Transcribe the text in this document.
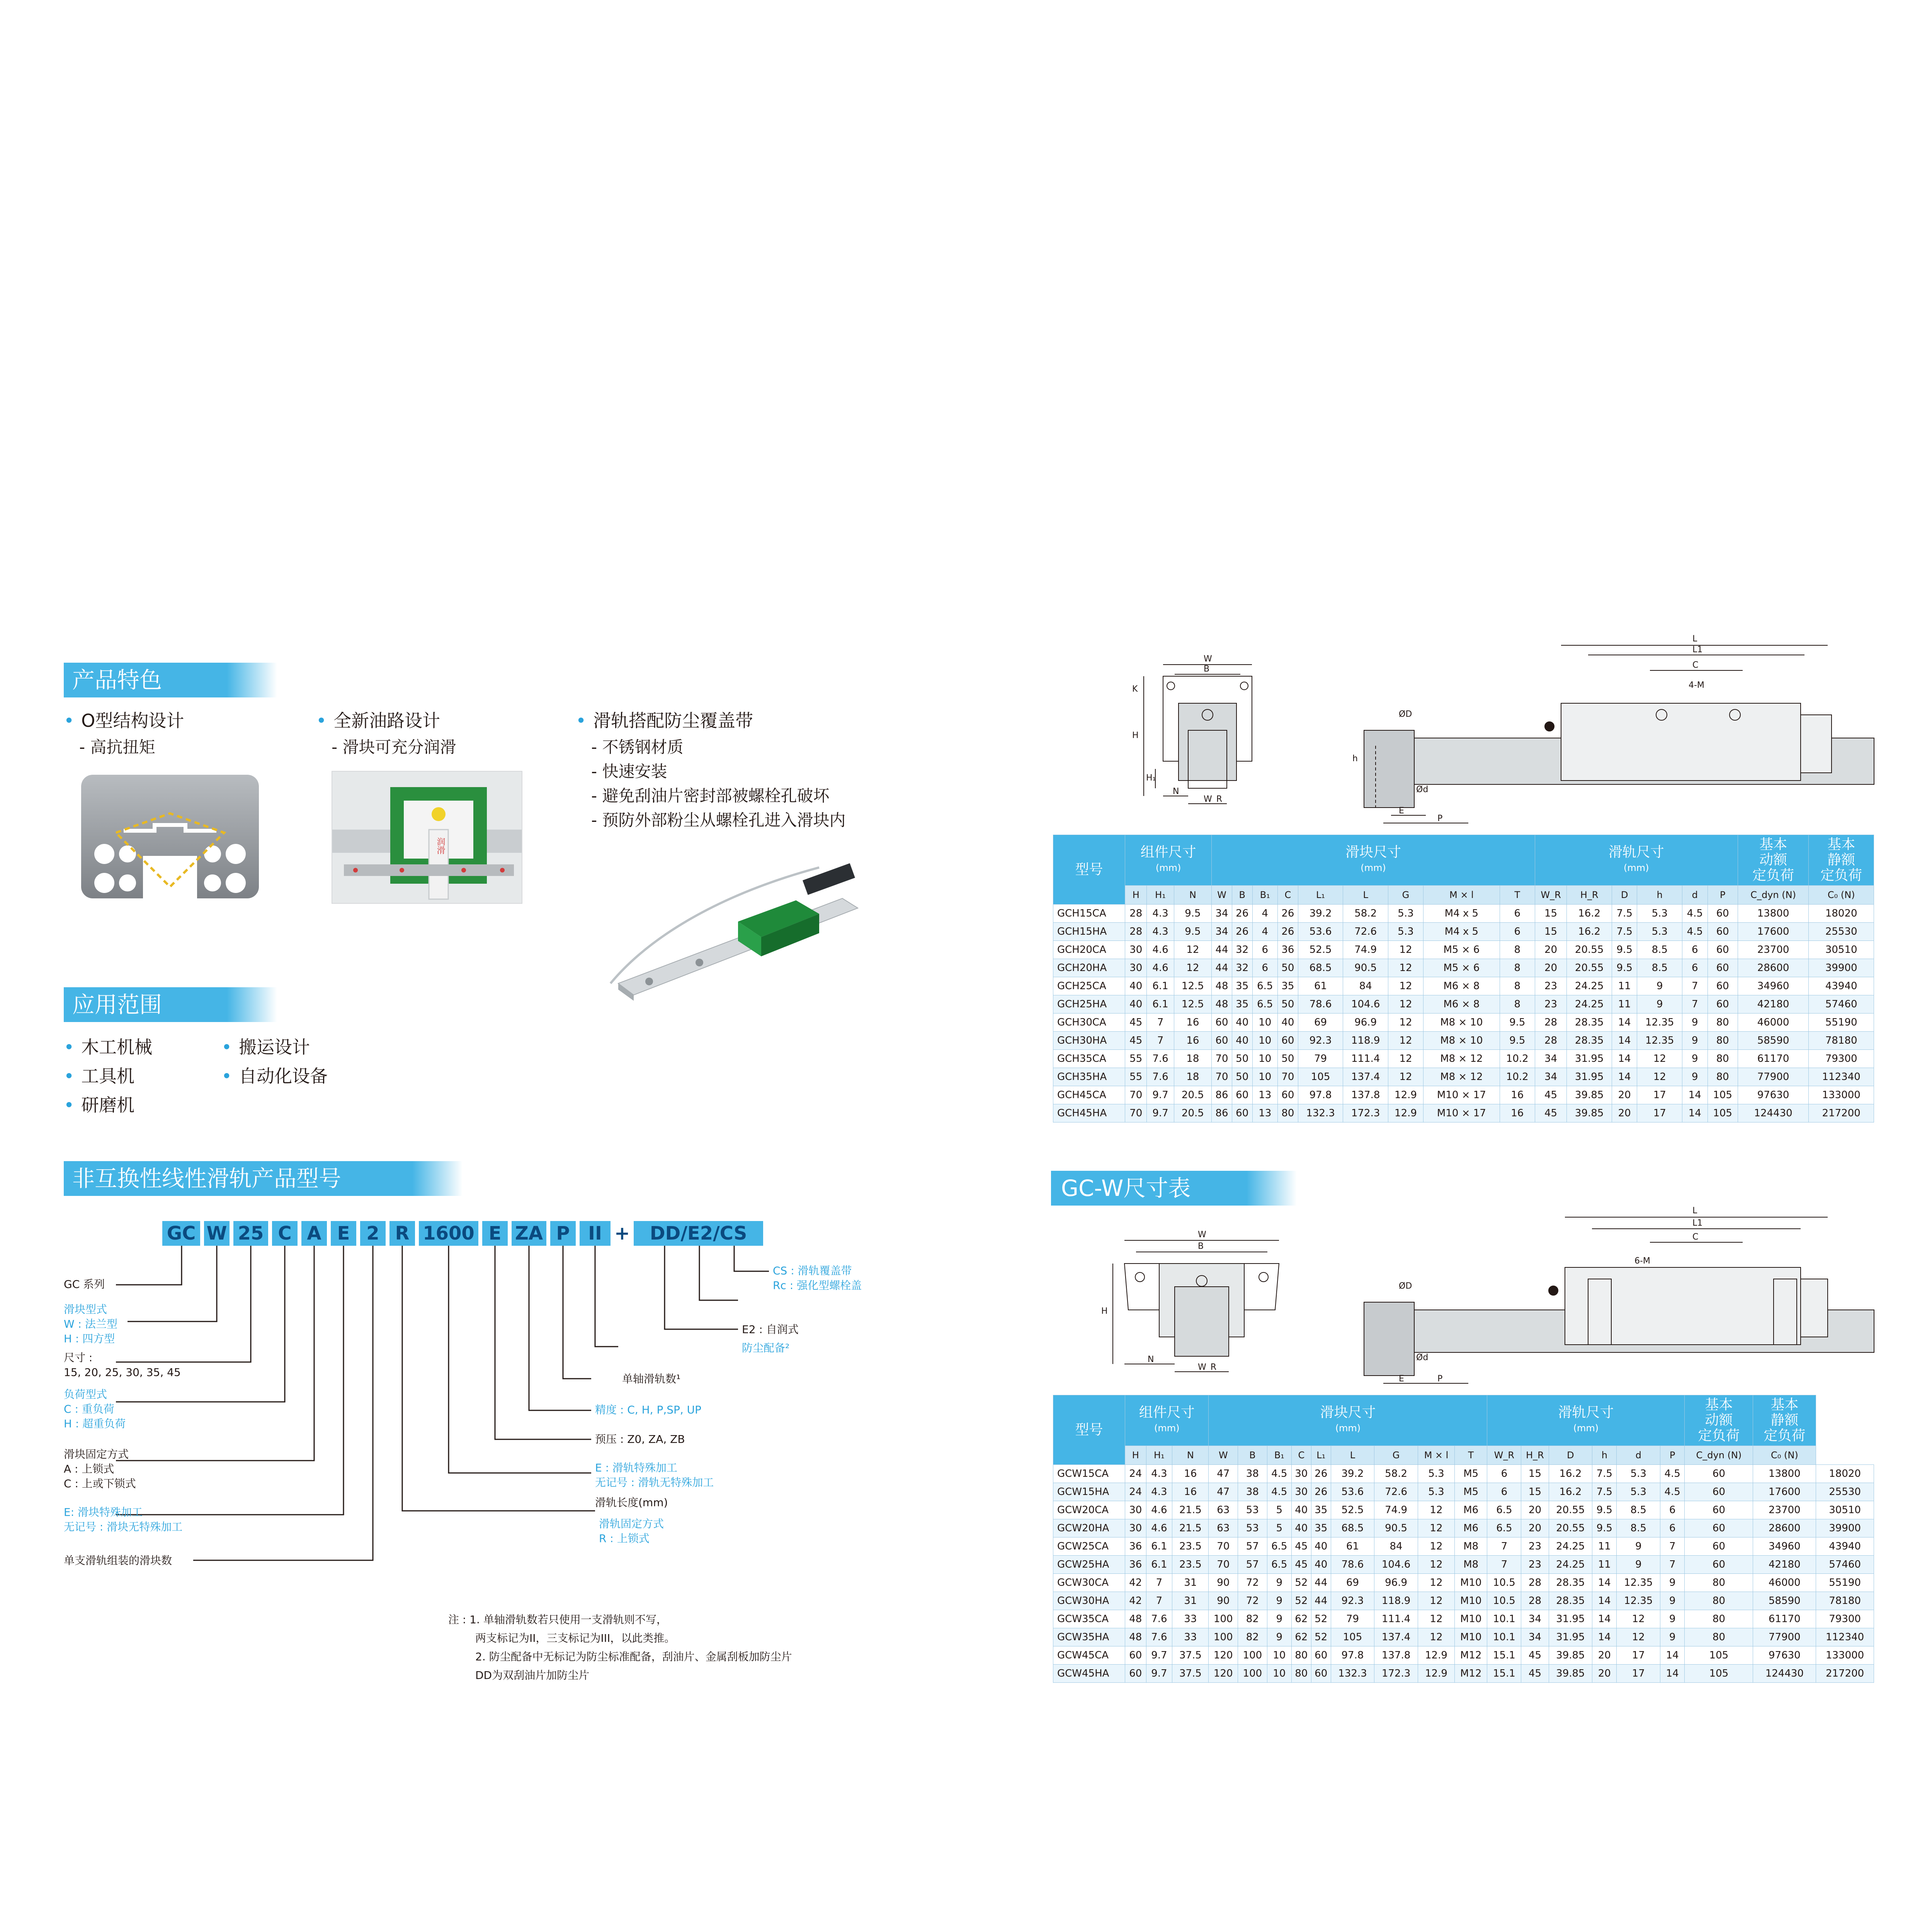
产品特色
• O型结构设计
- 高抗扭矩
• 全新油路设计
- 滑块可充分润滑
• 滑轨搭配防尘覆盖带
- 不锈钢材质
- 快速安装
- 避免刮油片密封部被螺栓孔破坏
- 预防外部粉尘从螺栓孔进入滑块内
润滑
应用范围
• 木工机械
• 工具机
• 研磨机
• 搬运设计
• 自动化设备
非互换性线性滑轨产品型号
GC W 25 C A E 2 R 1600 E ZA P II +	DD/E2/CS
GC 系列
滑块型式
W : 法兰型
H : 四方型
尺寸 :
15, 20, 25, 30, 35, 45
负荷型式
C : 重负荷
H : 超重负荷
滑块固定方式
A : 上锁式
C : 上或下锁式
E: 滑块特殊加工
无记号 : 滑块无特殊加工
单支滑轨组装的滑块数
CS : 滑轨覆盖带
Rc : 强化型螺栓盖
E2 : 自润式
防尘配备²
单轴滑轨数¹
精度 : C, H, P,SP, UP
预压 : Z0, ZA, ZB
E : 滑轨特殊加工
无记号 : 滑轨无特殊加工
滑轨长度(mm)
滑轨固定方式
R : 上锁式
注 : 1. 单轴滑轨数若只使用一支滑轨则不写，
两支标记为II，三支标记为III，以此类推。
2. 防尘配备中无标记为防尘标准配备，刮油片、金属刮板加防尘片
DD为双刮油片加防尘片
W
B
H
H₁
N
W_R
K
L
L1
C
4-M
ØD
h
Ød
E
P
型号	组件尺寸
(mm)			滑块尺寸
(mm)									滑轨尺寸
(mm)						基本
动额
定负荷	基本
静额
定负荷
	H	H₁	N	W	B	B₁	C	L₁	L	G	M × l	T	W_R	H_R	D	h	d	P	C_dyn (N)	C₀ (N)
GCH15CA	28	4.3	9.5	34	26	4	26	39.2	58.2	5.3	M4 x 5	6	15	16.2	7.5	5.3	4.5	60	13800	18020
GCH15HA	28	4.3	9.5	34	26	4	26	53.6	72.6	5.3	M4 x 5	6	15	16.2	7.5	5.3	4.5	60	17600	25530
GCH20CA	30	4.6	12	44	32	6	36	52.5	74.9	12	M5 × 6	8	20	20.55	9.5	8.5	6	60	23700	30510
GCH20HA	30	4.6	12	44	32	6	50	68.5	90.5	12	M5 × 6	8	20	20.55	9.5	8.5	6	60	28600	39900
GCH25CA	40	6.1	12.5	48	35	6.5	35	61	84	12	M6 × 8	8	23	24.25	11	9	7	60	34960	43940
GCH25HA	40	6.1	12.5	48	35	6.5	50	78.6	104.6	12	M6 × 8	8	23	24.25	11	9	7	60	42180	57460
GCH30CA	45	7	16	60	40	10	40	69	96.9	12	M8 × 10	9.5	28	28.35	14	12.35	9	80	46000	55190
GCH30HA	45	7	16	60	40	10	60	92.3	118.9	12	M8 × 10	9.5	28	28.35	14	12.35	9	80	58590	78180
GCH35CA	55	7.6	18	70	50	10	50	79	111.4	12	M8 × 12	10.2	34	31.95	14	12	9	80	61170	79300
GCH35HA	55	7.6	18	70	50	10	70	105	137.4	12	M8 × 12	10.2	34	31.95	14	12	9	80	77900	112340
GCH45CA	70	9.7	20.5	86	60	13	60	97.8	137.8	12.9	M10 × 17	16	45	39.85	20	17	14	105	97630	133000
GCH45HA	70	9.7	20.5	86	60	13	80	132.3	172.3	12.9	M10 × 17	16	45	39.85	20	17	14	105	124430	217200
GC-W尺寸表
W
B
H
N
W_R
L
L1
C
6-M
ØD
Ød
E	P
型号	组件尺寸
(mm)			滑块尺寸
(mm)									滑轨尺寸
(mm)						基本
动额
定负荷	基本
静额
定负荷	
	H	H₁	N	W	B	B₁	C	L₁	L	G	M × l	T	W_R	H_R	D	h	d	P	C_dyn (N)	C₀ (N)	
GCW15CA	24	4.3	16	47	38	4.5	30	26	39.2	58.2	5.3	M5	6	15	16.2	7.5	5.3	4.5	60	13800	18020
GCW15HA	24	4.3	16	47	38	4.5	30	26	53.6	72.6	5.3	M5	6	15	16.2	7.5	5.3	4.5	60	17600	25530
GCW20CA	30	4.6	21.5	63	53	5	40	35	52.5	74.9	12	M6	6.5	20	20.55	9.5	8.5	6	60	23700	30510
GCW20HA	30	4.6	21.5	63	53	5	40	35	68.5	90.5	12	M6	6.5	20	20.55	9.5	8.5	6	60	28600	39900
GCW25CA	36	6.1	23.5	70	57	6.5	45	40	61	84	12	M8	7	23	24.25	11	9	7	60	34960	43940
GCW25HA	36	6.1	23.5	70	57	6.5	45	40	78.6	104.6	12	M8	7	23	24.25	11	9	7	60	42180	57460
GCW30CA	42	7	31	90	72	9	52	44	69	96.9	12	M10	10.5	28	28.35	14	12.35	9	80	46000	55190
GCW30HA	42	7	31	90	72	9	52	44	92.3	118.9	12	M10	10.5	28	28.35	14	12.35	9	80	58590	78180
GCW35CA	48	7.6	33	100	82	9	62	52	79	111.4	12	M10	10.1	34	31.95	14	12	9	80	61170	79300
GCW35HA	48	7.6	33	100	82	9	62	52	105	137.4	12	M10	10.1	34	31.95	14	12	9	80	77900	112340
GCW45CA	60	9.7	37.5	120	100	10	80	60	97.8	137.8	12.9	M12	15.1	45	39.85	20	17	14	105	97630	133000
GCW45HA	60	9.7	37.5	120	100	10	80	60	132.3	172.3	12.9	M12	15.1	45	39.85	20	17	14	105	124430	217200
